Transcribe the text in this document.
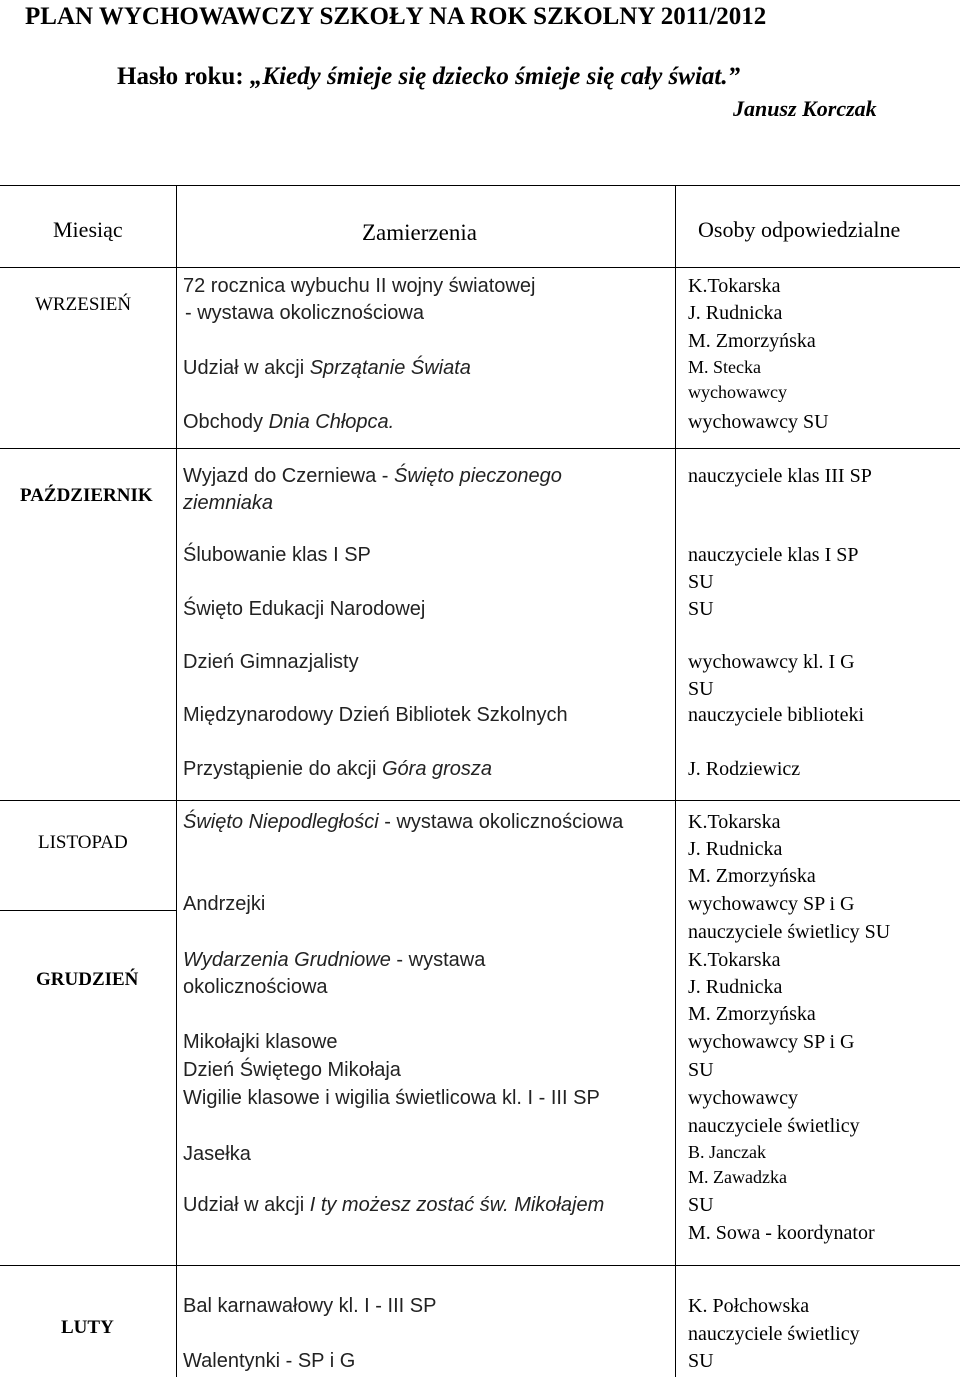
PLAN WYCHOWAWCZY SZKOŁY NA ROK SZKOLNY 2011/2012
Hasło roku: „Kiedy śmieje się dziecko śmieje się cały świat.”
Janusz Korczak
Miesiąc	Zamierzenia	Osoby odpowiedzialne
WRZESIEŃ
PAŹDZIERNIK
LISTOPAD
GRUDZIEŃ
LUTY
72 rocznica wybuchu II wojny światowej
- wystawa okolicznościowa
Udział w akcji Sprzątanie Świata
Obchody Dnia Chłopca.
Wyjazd do Czerniewa - Święto pieczonego
ziemniaka
Ślubowanie klas I SP
Święto Edukacji Narodowej
Dzień Gimnazjalisty
Międzynarodowy Dzień Bibliotek Szkolnych
Przystąpienie do akcji Góra grosza
Święto Niepodległości - wystawa okolicznościowa
Andrzejki
Wydarzenia Grudniowe - wystawa
okolicznościowa
Mikołajki klasowe
Dzień Świętego Mikołaja
Wigilie klasowe i wigilia świetlicowa kl. I - III SP
Jasełka
Udział w akcji I ty możesz zostać św. Mikołajem
Bal karnawałowy kl. I - III SP
Walentynki - SP i G
K.Tokarska
J. Rudnicka
M. Zmorzyńska
M. Stecka
wychowawcy
wychowawcy SU
nauczyciele klas III SP
nauczyciele klas I SP
SU
SU
wychowawcy kl. I G
SU
nauczyciele biblioteki
J. Rodziewicz
K.Tokarska
J. Rudnicka
M. Zmorzyńska
wychowawcy SP i G
nauczyciele świetlicy SU
K.Tokarska
J. Rudnicka
M. Zmorzyńska
wychowawcy SP i G
SU
wychowawcy
nauczyciele świetlicy
B. Janczak
M. Zawadzka
SU
M. Sowa - koordynator
K. Połchowska
nauczyciele świetlicy
SU
